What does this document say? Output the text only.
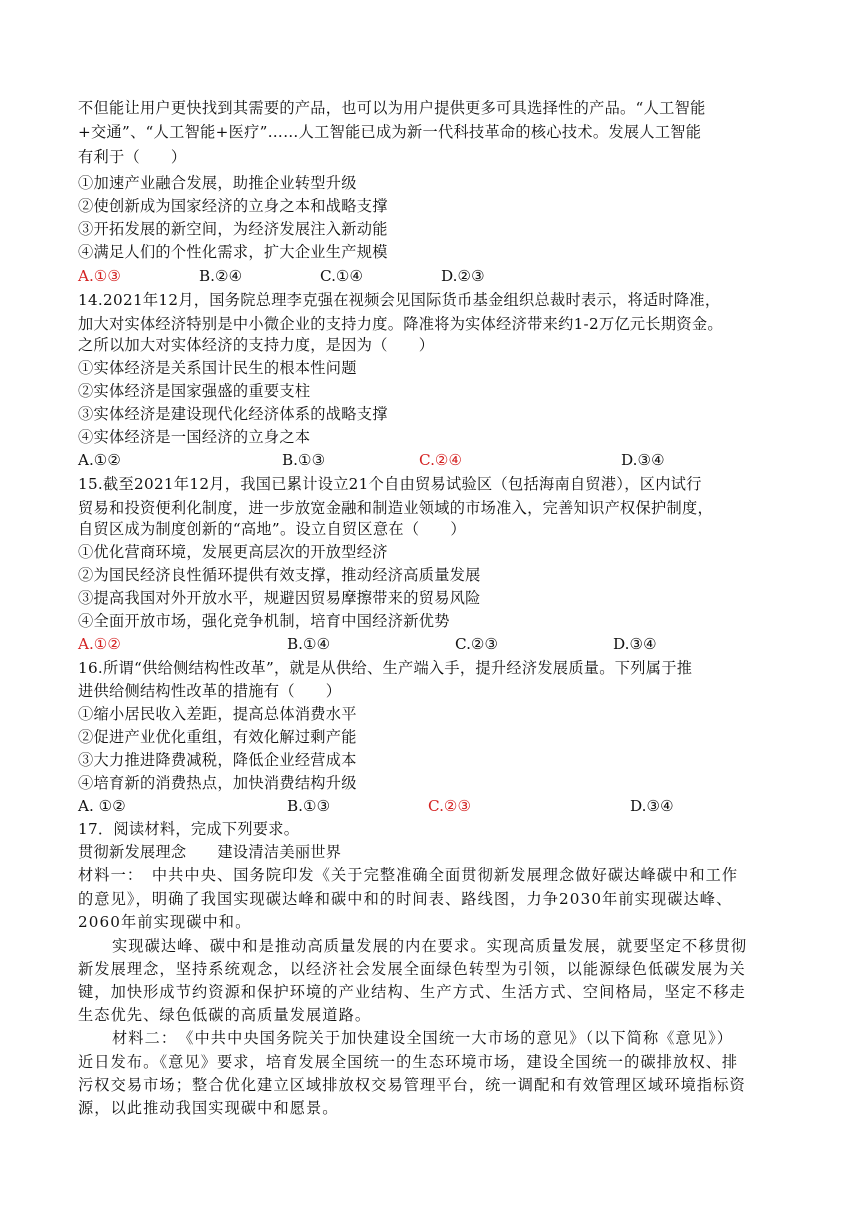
不但能让用户更快找到其需要的产品，也可以为用户提供更多可具选择性的产品。“人工智能
+交通”、“人工智能+医疗”……人工智能已成为新一代科技革命的核心技术。发展人工智能
有利于（　　）
①加速产业融合发展，助推企业转型升级
②使创新成为国家经济的立身之本和战略支撑
③开拓发展的新空间，为经济发展注入新动能
④满足人们的个性化需求，扩大企业生产规模
A.①③	B.②④	C.①④	D.②③
14.2021年12月，国务院总理李克强在视频会见国际货币基金组织总裁时表示，将适时降准，
加大对实体经济特别是中小微企业的支持力度。降准将为实体经济带来约1-2万亿元长期资金。
之所以加大对实体经济的支持力度，是因为（　　）
①实体经济是关系国计民生的根本性问题
②实体经济是国家强盛的重要支柱
③实体经济是建设现代化经济体系的战略支撑
④实体经济是一国经济的立身之本
A.①②	B.①③	C.②④	D.③④
15.截至2021年12月，我国已累计设立21个自由贸易试验区（包括海南自贸港），区内试行
贸易和投资便利化制度，进一步放宽金融和制造业领域的市场准入，完善知识产权保护制度，
自贸区成为制度创新的“高地”。设立自贸区意在（　　）
①优化营商环境，发展更高层次的开放型经济
②为国民经济良性循环提供有效支撑，推动经济高质量发展
③提高我国对外开放水平，规避因贸易摩擦带来的贸易风险
④全面开放市场，强化竞争机制，培育中国经济新优势
A.①②	B.①④	C.②③	D.③④
16.所谓“供给侧结构性改革”，就是从供给、生产端入手，提升经济发展质量。下列属于推
进供给侧结构性改革的措施有（　　）
①缩小居民收入差距，提高总体消费水平
②促进产业优化重组，有效化解过剩产能
③大力推进降费减税，降低企业经营成本
④培育新的消费热点，加快消费结构升级
A. ①②	B.①③	C.②③	D.③④
17．阅读材料，完成下列要求。
贯彻新发展理念　　建设清洁美丽世界
材料一：　中共中央、国务院印发《关于完整准确全面贯彻新发展理念做好碳达峰碳中和工作
的意见》，明确了我国实现碳达峰和碳中和的时间表、路线图，力争2030年前实现碳达峰、
2060年前实现碳中和。
实现碳达峰、碳中和是推动高质量发展的内在要求。实现高质量发展，就要坚定不移贯彻
新发展理念，坚持系统观念，以经济社会发展全面绿色转型为引领，以能源绿色低碳发展为关
键，加快形成节约资源和保护环境的产业结构、生产方式、生活方式、空间格局，坚定不移走
生态优先、绿色低碳的高质量发展道路。
材料二：　《中共中央国务院关于加快建设全国统一大市场的意见》（以下简称《意见》）
近日发布。《意见》要求，培育发展全国统一的生态环境市场，建设全国统一的碳排放权、排
污权交易市场；整合优化建立区域排放权交易管理平台，统一调配和有效管理区域环境指标资
源，以此推动我国实现碳中和愿景。
